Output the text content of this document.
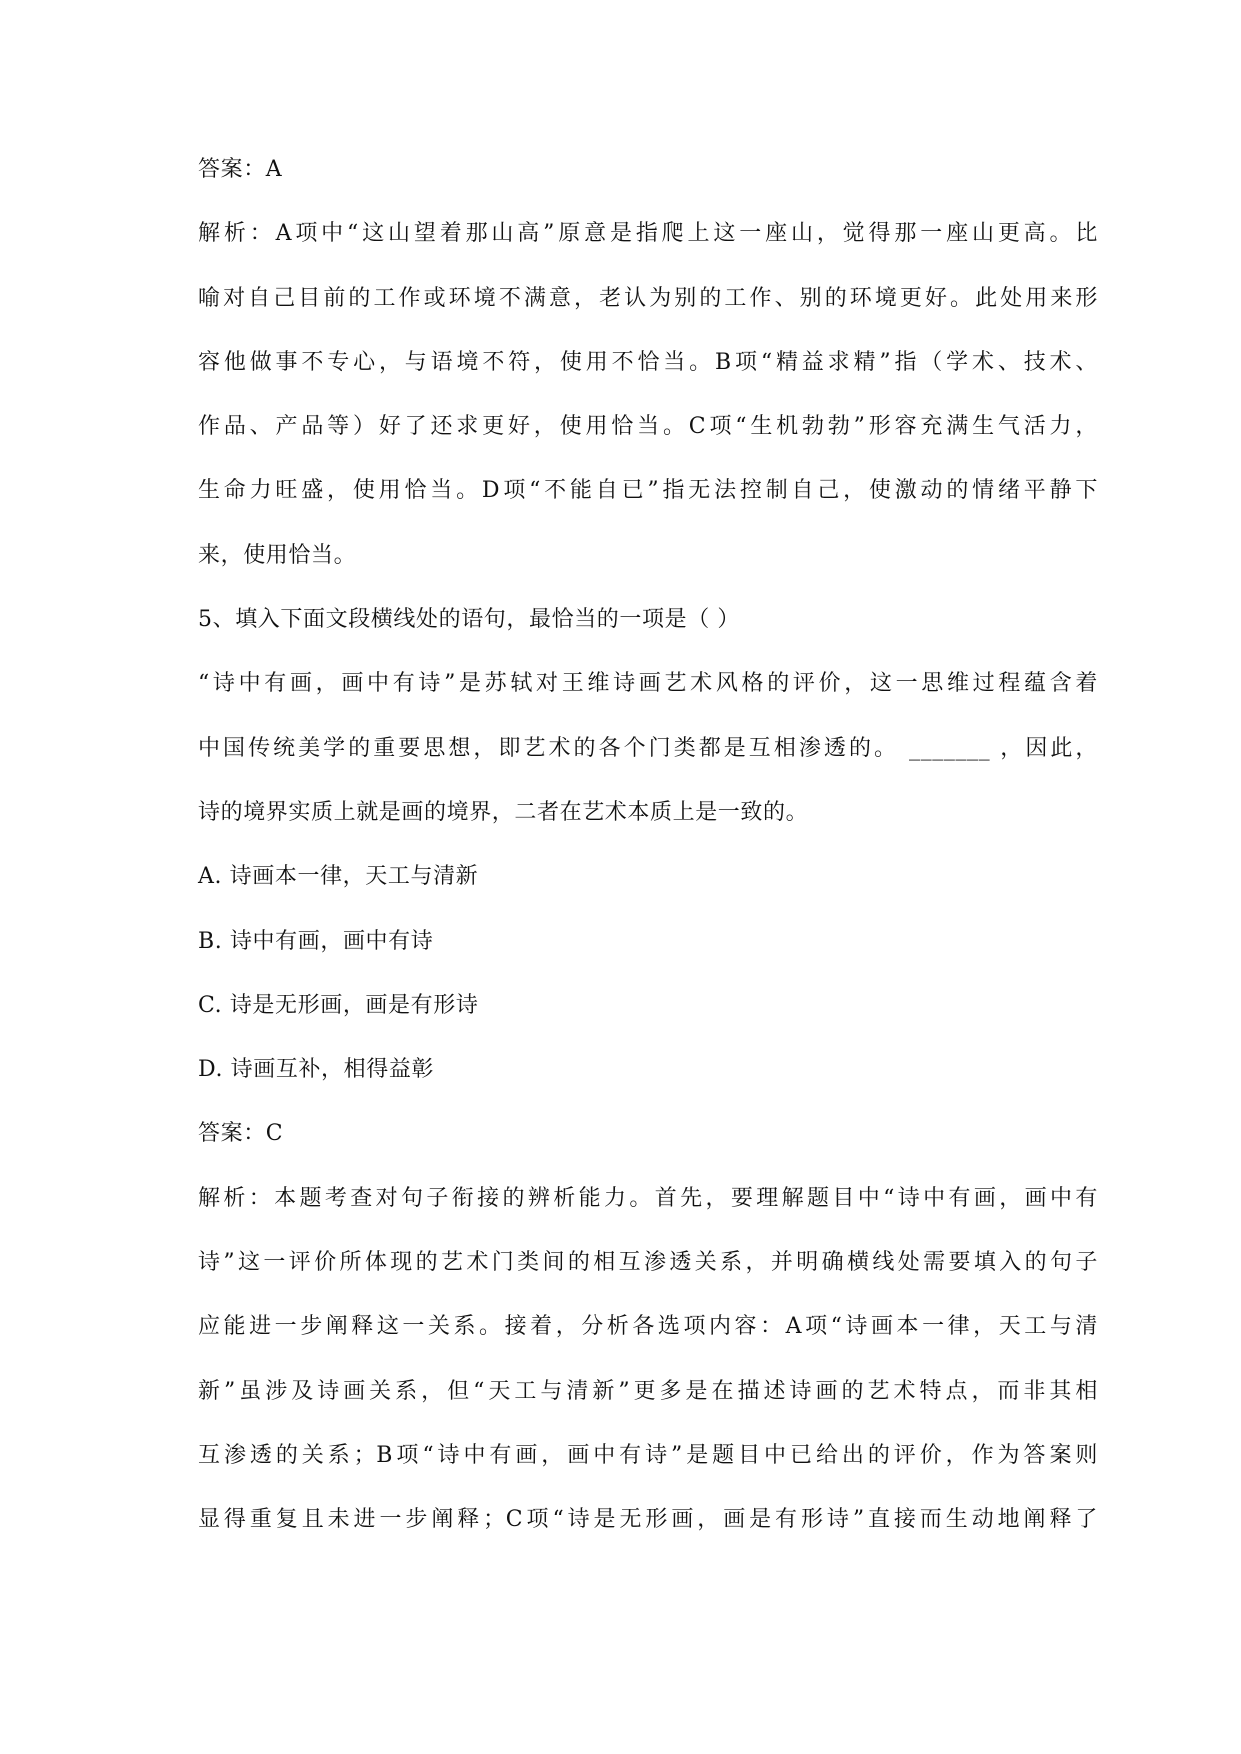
答案：A
解析：A项中“这山望着那山高”原意是指爬上这一座山，觉得那一座山更高。比
喻对自己目前的工作或环境不满意，老认为别的工作、别的环境更好。此处用来形
容他做事不专心，与语境不符，使用不恰当。B项“精益求精”指（学术、技术、
作品、产品等）好了还求更好，使用恰当。C项“生机勃勃”形容充满生气活力，
生命力旺盛，使用恰当。D项“不能自已”指无法控制自己，使激动的情绪平静下
来，使用恰当。
5、填入下面文段横线处的语句，最恰当的一项是（ ）
“诗中有画，画中有诗”是苏轼对王维诗画艺术风格的评价，这一思维过程蕴含着
中国传统美学的重要思想，即艺术的各个门类都是互相渗透的。 _______ ，因此，
诗的境界实质上就是画的境界，二者在艺术本质上是一致的。
A. 诗画本一律，天工与清新
B. 诗中有画，画中有诗
C. 诗是无形画，画是有形诗
D. 诗画互补，相得益彰
答案：C
解析：本题考查对句子衔接的辨析能力。首先，要理解题目中“诗中有画，画中有
诗”这一评价所体现的艺术门类间的相互渗透关系，并明确横线处需要填入的句子
应能进一步阐释这一关系。接着，分析各选项内容：A项“诗画本一律，天工与清
新”虽涉及诗画关系，但“天工与清新”更多是在描述诗画的艺术特点，而非其相
互渗透的关系；B项“诗中有画，画中有诗”是题目中已给出的评价，作为答案则
显得重复且未进一步阐释；C项“诗是无形画，画是有形诗”直接而生动地阐释了
